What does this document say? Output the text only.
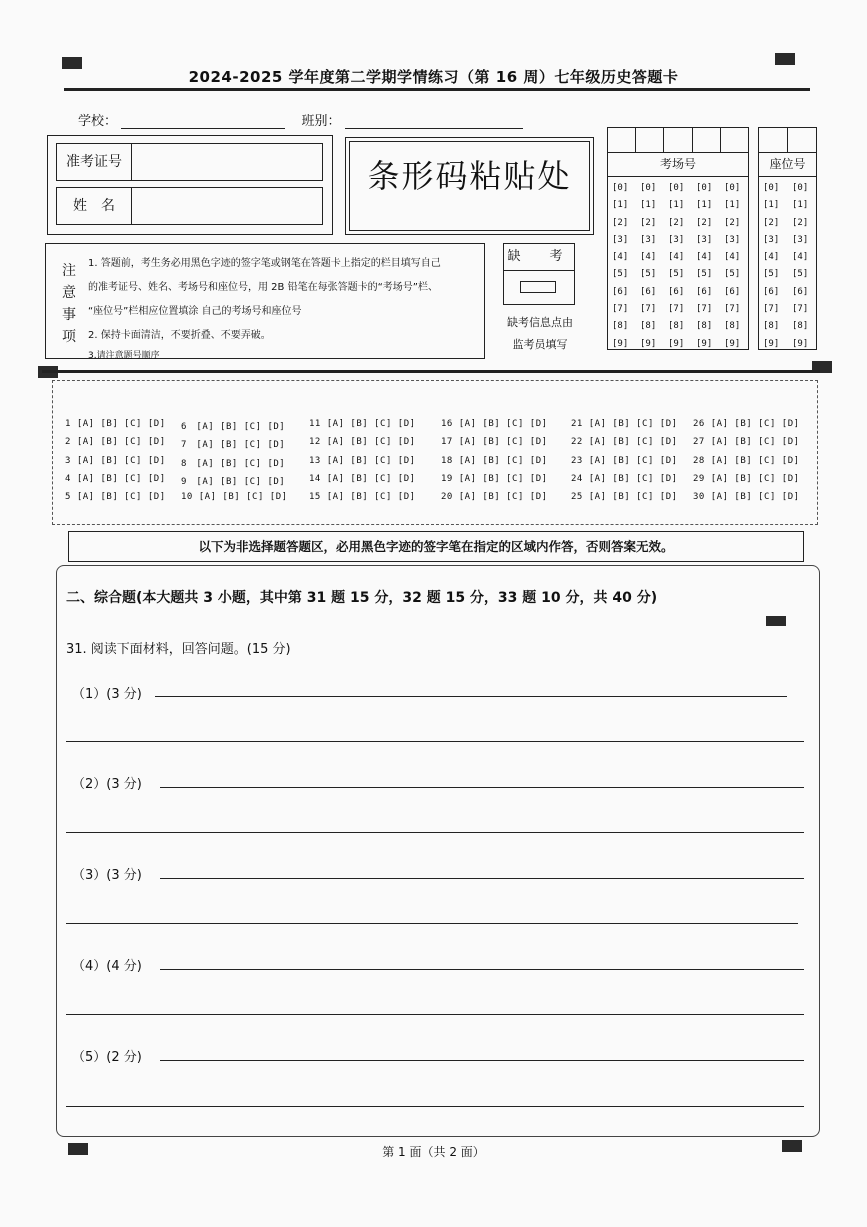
2024-2025 学年度第二学期学情练习（第 16 周）七年级历史答题卡
学校：	班别：
准考证号
姓　名
条形码粘贴处
注意事项
1. 答题前，考生务必用黑色字迹的签字笔或钢笔在答题卡上指定的栏目填写自己
的准考证号、姓名、考场号和座位号，用 2B 铅笔在每张答题卡的“考场号”栏、
“座位号”栏相应位置填涂 自己的考场号和座位号
2. 保持卡面清洁，不要折叠、不要弄破。
3.请注意题号顺序
缺　考
缺考信息点由
监考员填写
考场号
[0]
[1]
[2]
[3]
[4]
[5]
[6]
[7]
[8]
[9]
[0]
[1]
[2]
[3]
[4]
[5]
[6]
[7]
[8]
[9]
[0]
[1]
[2]
[3]
[4]
[5]
[6]
[7]
[8]
[9]
[0]
[1]
[2]
[3]
[4]
[5]
[6]
[7]
[8]
[9]
[0]
[1]
[2]
[3]
[4]
[5]
[6]
[7]
[8]
[9]
座位号
[0]
[1]
[2]
[3]
[4]
[5]
[6]
[7]
[8]
[9]
[0]
[1]
[2]
[3]
[4]
[5]
[6]
[7]
[8]
[9]
1 [A] [B] [C] [D]
2 [A] [B] [C] [D]
3 [A] [B] [C] [D]
4 [A] [B] [C] [D]
5 [A] [B] [C] [D]
6　[A] [B] [C] [D]
7　[A] [B] [C] [D]
8　[A] [B] [C] [D]
9　[A] [B] [C] [D]
10 [A] [B] [C] [D]
11 [A] [B] [C] [D]
12 [A] [B] [C] [D]
13 [A] [B] [C] [D]
14 [A] [B] [C] [D]
15 [A] [B] [C] [D]
16 [A] [B] [C] [D]
17 [A] [B] [C] [D]
18 [A] [B] [C] [D]
19 [A] [B] [C] [D]
20 [A] [B] [C] [D]
21 [A] [B] [C] [D]
22 [A] [B] [C] [D]
23 [A] [B] [C] [D]
24 [A] [B] [C] [D]
25 [A] [B] [C] [D]
26 [A] [B] [C] [D]
27 [A] [B] [C] [D]
28 [A] [B] [C] [D]
29 [A] [B] [C] [D]
30 [A] [B] [C] [D]
以下为非选择题答题区，必用黑色字迹的签字笔在指定的区域内作答，否则答案无效。
二、综合题(本大题共 3 小题，其中第 31 题 15 分，32 题 15 分，33 题 10 分，共 40 分)
31. 阅读下面材料，回答问题。(15 分)
（1）(3 分)
（2）(3 分)
（3）(3 分)
（4）(4 分)
（5）(2 分)
第 1 面（共 2 面）
